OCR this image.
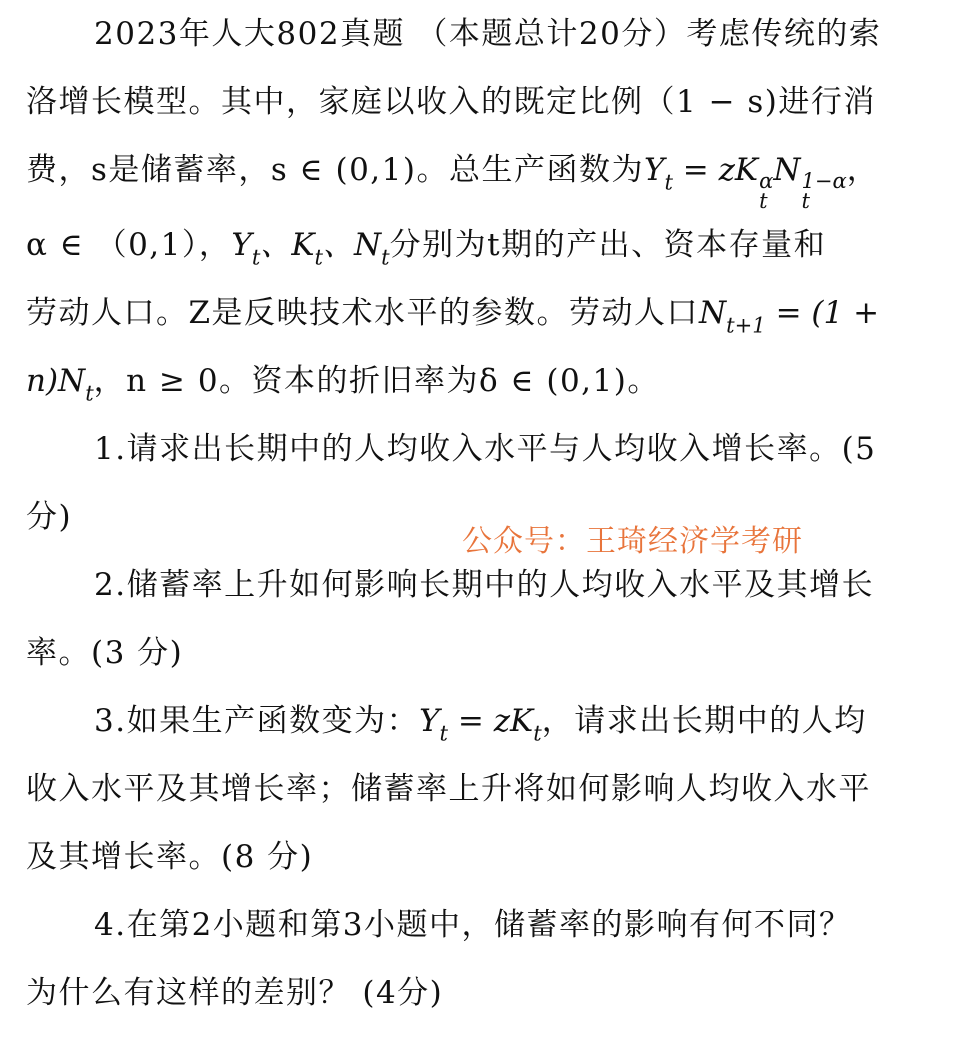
2023年人大802真题 （本题总计20分）考虑传统的索
洛增长模型。其中，家庭以收入的既定比例（1 − s)进行消
费，s是储蓄率，s ∈ (0,1)。总生产函数为$Y_t$ = zK α
t
N 1−α
t
，
α ∈ （0,1），$Y_t$、$K_t$、$N_t$分别为t期的产出、资本存量和
劳动人口。Z是反映技术水平的参数。劳动人口$N_{t+1} = (1$ +
$n)N_t$，n ≥ 0。资本的折旧率为δ ∈ (0,1)。

1.请求出长期中的人均收入水平与人均收入增长率。(5
分)

2.储蓄率上升如何影响长期中的人均收入水平及其增长
率。(3 分)

3.如果生产函数变为：$Y_t = zK_t$，请求出长期中的人均
收入水平及其增长率；储蓄率上升将如何影响人均收入水平
及其增长率。(8 分)

4.在第2小题和第3小题中，储蓄率的影响有何不同？
为什么有这样的差别？ (4分)

公众号：王琦经济学考研
